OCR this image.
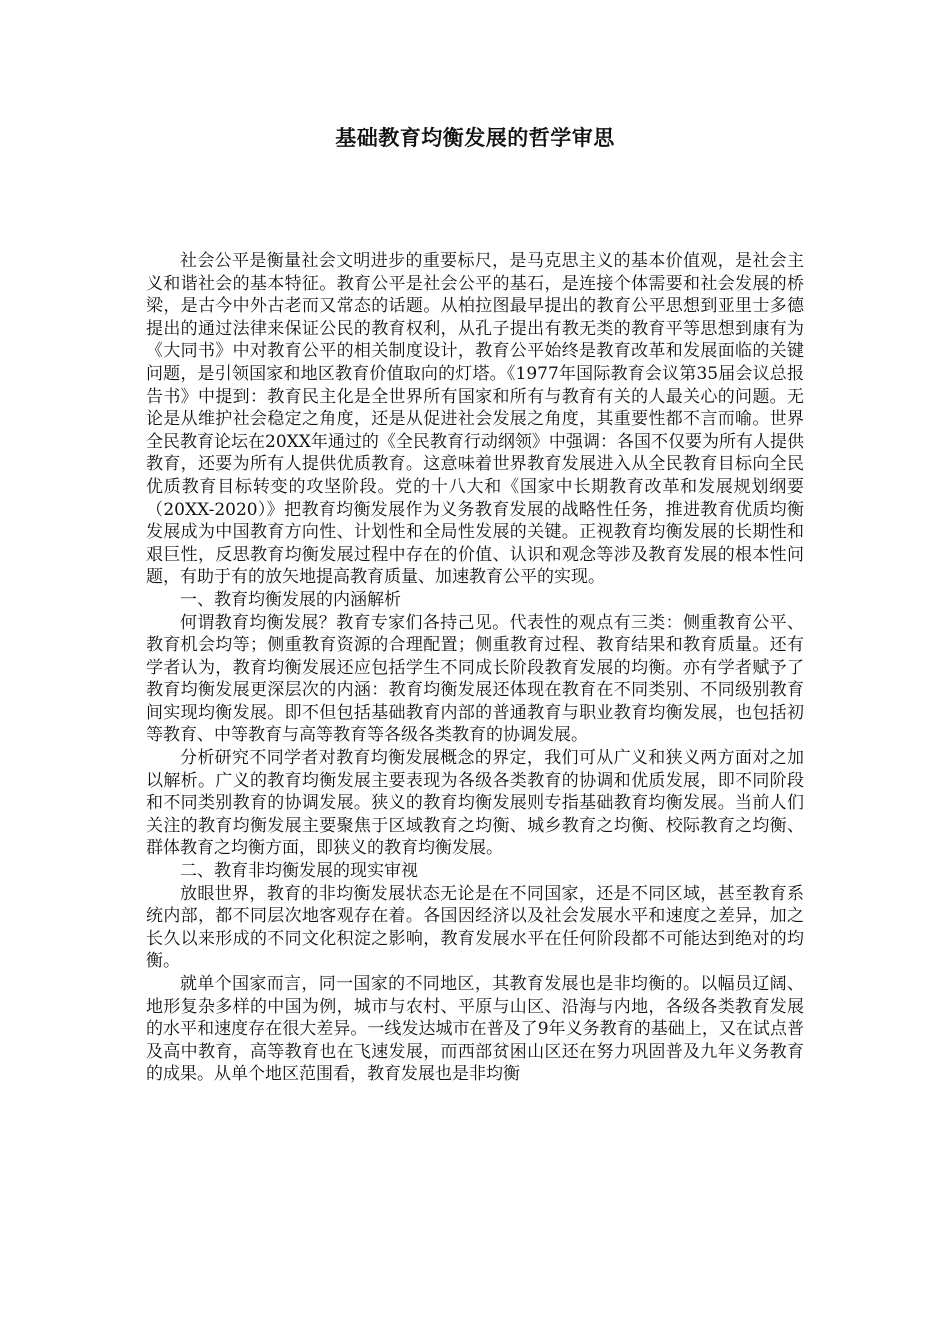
基础教育均衡发展的哲学审思

社会公平是衡量社会文明进步的重要标尺，是马克思主义的基本价值观，是社会主义和谐社会的基本特征。教育公平是社会公平的基石，是连接个体需要和社会发展的桥梁，是古今中外古老而又常态的话题。从柏拉图最早提出的教育公平思想到亚里士多德提出的通过法律来保证公民的教育权利，从孔子提出有教无类的教育平等思想到康有为《大同书》中对教育公平的相关制度设计，教育公平始终是教育改革和发展面临的关键问题，是引领国家和地区教育价值取向的灯塔。《1977年国际教育会议第35届会议总报告书》中提到：教育民主化是全世界所有国家和所有与教育有关的人最关心的问题。无论是从维护社会稳定之角度，还是从促进社会发展之角度，其重要性都不言而喻。世界全民教育论坛在20XX年通过的《全民教育行动纲领》中强调：各国不仅要为所有人提供教育，还要为所有人提供优质教育。这意味着世界教育发展进入从全民教育目标向全民优质教育目标转变的攻坚阶段。党的十八大和《国家中长期教育改革和发展规划纲要（20XX-2020）》把教育均衡发展作为义务教育发展的战略性任务，推进教育优质均衡发展成为中国教育方向性、计划性和全局性发展的关键。正视教育均衡发展的长期性和艰巨性，反思教育均衡发展过程中存在的价值、认识和观念等涉及教育发展的根本性问题，有助于有的放矢地提高教育质量、加速教育公平的实现。

一、教育均衡发展的内涵解析

何谓教育均衡发展？教育专家们各持己见。代表性的观点有三类：侧重教育公平、教育机会均等；侧重教育资源的合理配置；侧重教育过程、教育结果和教育质量。还有学者认为，教育均衡发展还应包括学生不同成长阶段教育发展的均衡。亦有学者赋予了教育均衡发展更深层次的内涵：教育均衡发展还体现在教育在不同类别、不同级别教育间实现均衡发展。即不但包括基础教育内部的普通教育与职业教育均衡发展，也包括初等教育、中等教育与高等教育等各级各类教育的协调发展。

分析研究不同学者对教育均衡发展概念的界定，我们可从广义和狭义两方面对之加以解析。广义的教育均衡发展主要表现为各级各类教育的协调和优质发展，即不同阶段和不同类别教育的协调发展。狭义的教育均衡发展则专指基础教育均衡发展。当前人们关注的教育均衡发展主要聚焦于区域教育之均衡、城乡教育之均衡、校际教育之均衡、群体教育之均衡方面，即狭义的教育均衡发展。

二、教育非均衡发展的现实审视

放眼世界，教育的非均衡发展状态无论是在不同国家，还是不同区域，甚至教育系统内部，都不同层次地客观存在着。各国因经济以及社会发展水平和速度之差异，加之长久以来形成的不同文化积淀之影响，教育发展水平在任何阶段都不可能达到绝对的均衡。

就单个国家而言，同一国家的不同地区，其教育发展也是非均衡的。以幅员辽阔、地形复杂多样的中国为例，城市与农村、平原与山区、沿海与内地，各级各类教育发展的水平和速度存在很大差异。一线发达城市在普及了9年义务教育的基础上，又在试点普及高中教育，高等教育也在飞速发展，而西部贫困山区还在努力巩固普及九年义务教育的成果。从单个地区范围看，教育发展也是非均衡
